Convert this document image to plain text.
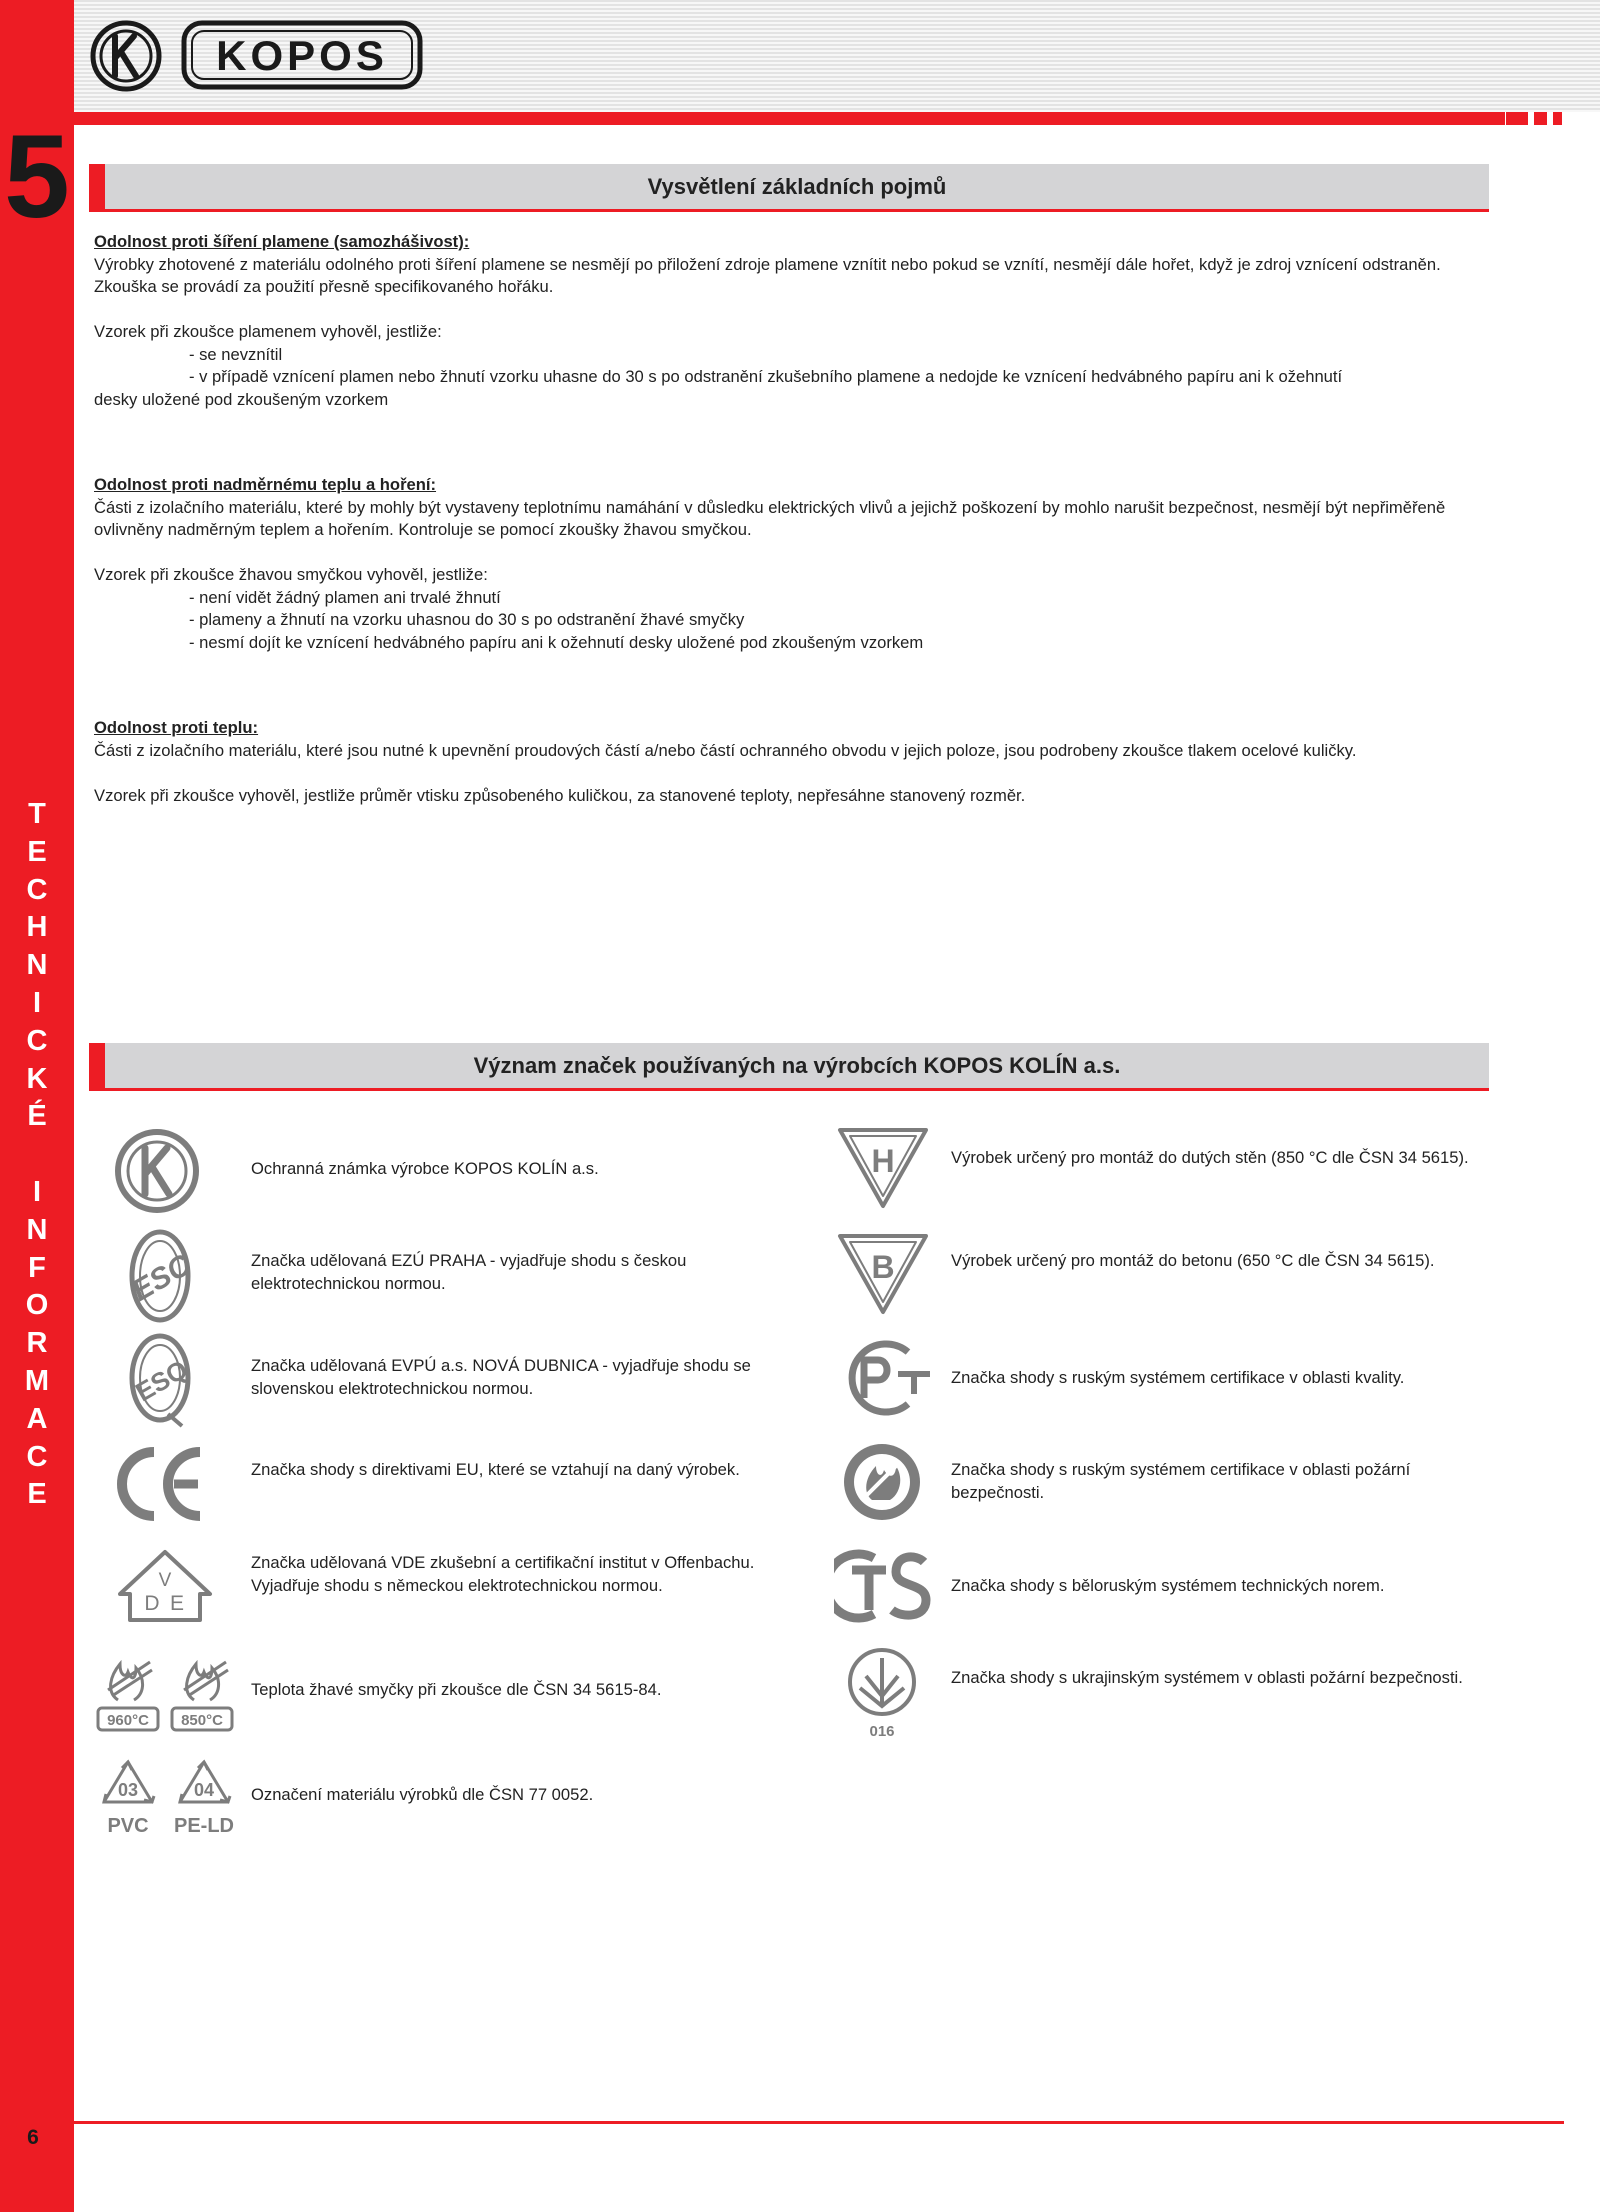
5
T
E
C
H
N
I
C
K
É

I
N
F
O
R
M
A
C
E
6
KOPOS
Vysvětlení základních pojmů

Odolnost proti šíření plamene (samozhášivost):

Výrobky zhotovené z materiálu odolného proti šíření plamene se nesmějí po přiložení zdroje plamene vznítit nebo pokud se vznítí, nesmějí dále hořet, když je zdroj vznícení odstraněn. Zkouška se provádí za použití přesně specifikovaného hořáku.

Vzorek při zkoušce plamenem vyhověl, jestliže:

- se nevznítil

- v případě vznícení plamen nebo žhnutí vzorku uhasne do 30 s po odstranění zkušebního plamene a nedojde ke vznícení hedvábného papíru ani k ožehnutí

desky uložené pod zkoušeným vzorkem

Odolnost proti nadměrnému teplu a hoření:

Části z izolačního materiálu, které by mohly být vystaveny teplotnímu namáhání v důsledku elektrických vlivů a jejichž poškození by mohlo narušit bezpečnost, nesmějí být nepřiměřeně ovlivněny nadměrným teplem a hořením. Kontroluje se pomocí zkoušky žhavou smyčkou.

Vzorek při zkoušce žhavou smyčkou vyhověl, jestliže:

- není vidět žádný plamen ani trvalé žhnutí

- plameny a žhnutí na vzorku uhasnou do 30 s po odstranění žhavé smyčky

- nesmí dojít ke vznícení hedvábného papíru ani k ožehnutí desky uložené pod zkoušeným vzorkem

Odolnost proti teplu:

Části z izolačního materiálu, které jsou nutné k upevnění proudových částí a/nebo částí ochranného obvodu v jejich poloze, jsou podrobeny zkoušce tlakem ocelové kuličky.

Vzorek při zkoušce vyhověl, jestliže průměr vtisku způsobeného kuličkou, za stanovené teploty, nepřesáhne stanovený rozměr.

Význam značek používaných na výrobcích KOPOS KOLÍN a.s.
Ochranná známka výrobce KOPOS KOLÍN a.s.
ESC	Značka udělovaná EZÚ PRAHA - vyjadřuje shodu s českou elektrotechnickou normou.
ESQ	Značka udělovaná EVPÚ a.s. NOVÁ DUBNICA - vyjadřuje shodu se slovenskou elektrotechnickou normou.
Značka shody s direktivami EU, které se vztahují na daný výrobek.
V
D E
Značka udělovaná VDE zkušební a certifikační institut v Offenbachu. Vyjadřuje shodu s německou elektrotechnickou normou.
960°C 850°C
Teplota žhavé smyčky při zkoušce dle ČSN 34 5615-84.
03
PVC
04
PE-LD
Označení materiálu výrobků dle ČSN 77 0052.
H	Výrobek určený pro montáž do dutých stěn (850 °C dle ČSN 34 5615).
B	Výrobek určený pro montáž do betonu (650 °C dle ČSN 34 5615).
Značka shody s ruským systémem certifikace v oblasti kvality.
Značka shody s ruským systémem certifikace v oblasti požární bezpečnosti.
Značka shody s běloruským systémem technických norem.
016
Značka shody s ukrajinským systémem v oblasti požární bezpečnosti.
